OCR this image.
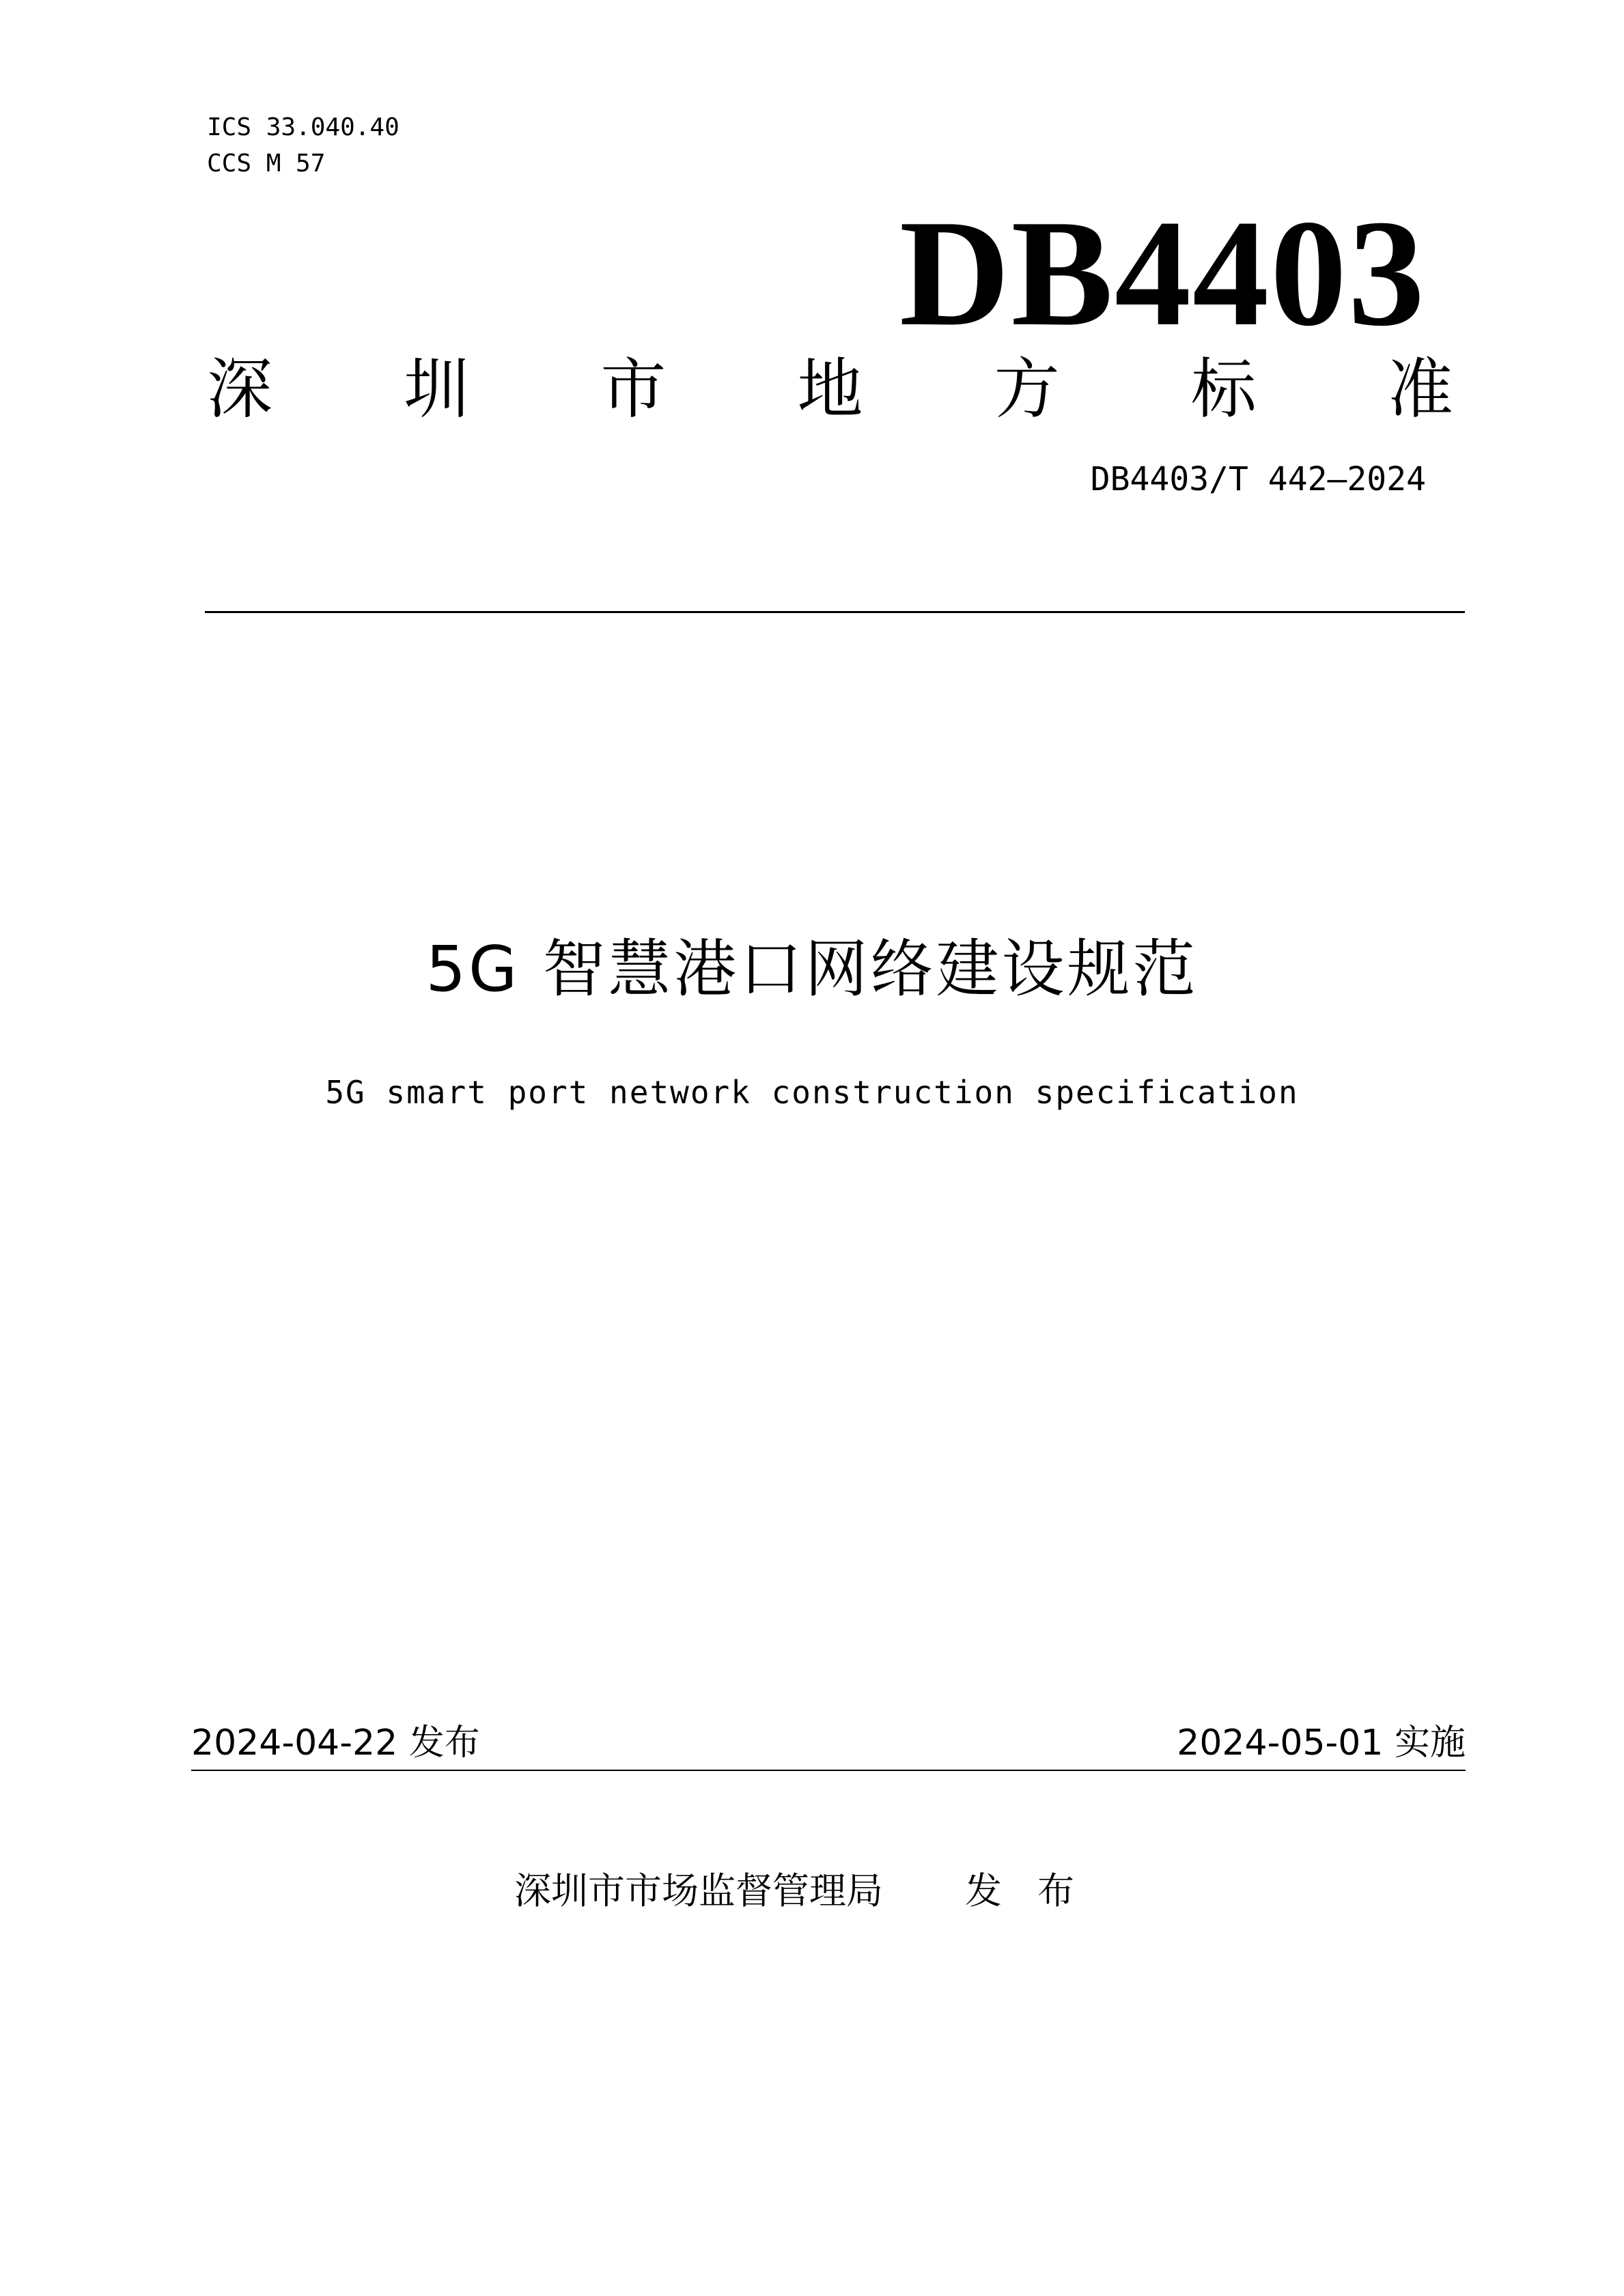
ICS 33.040.40
CCS M 57
DB4403
深 圳 市 地 方 标 准
DB4403/T 442—2024
5G 智慧港口网络建设规范
5G smart port network construction specification
2024-04-22 发布	2024-05-01 实施
深圳市市场监督管理局 发布
